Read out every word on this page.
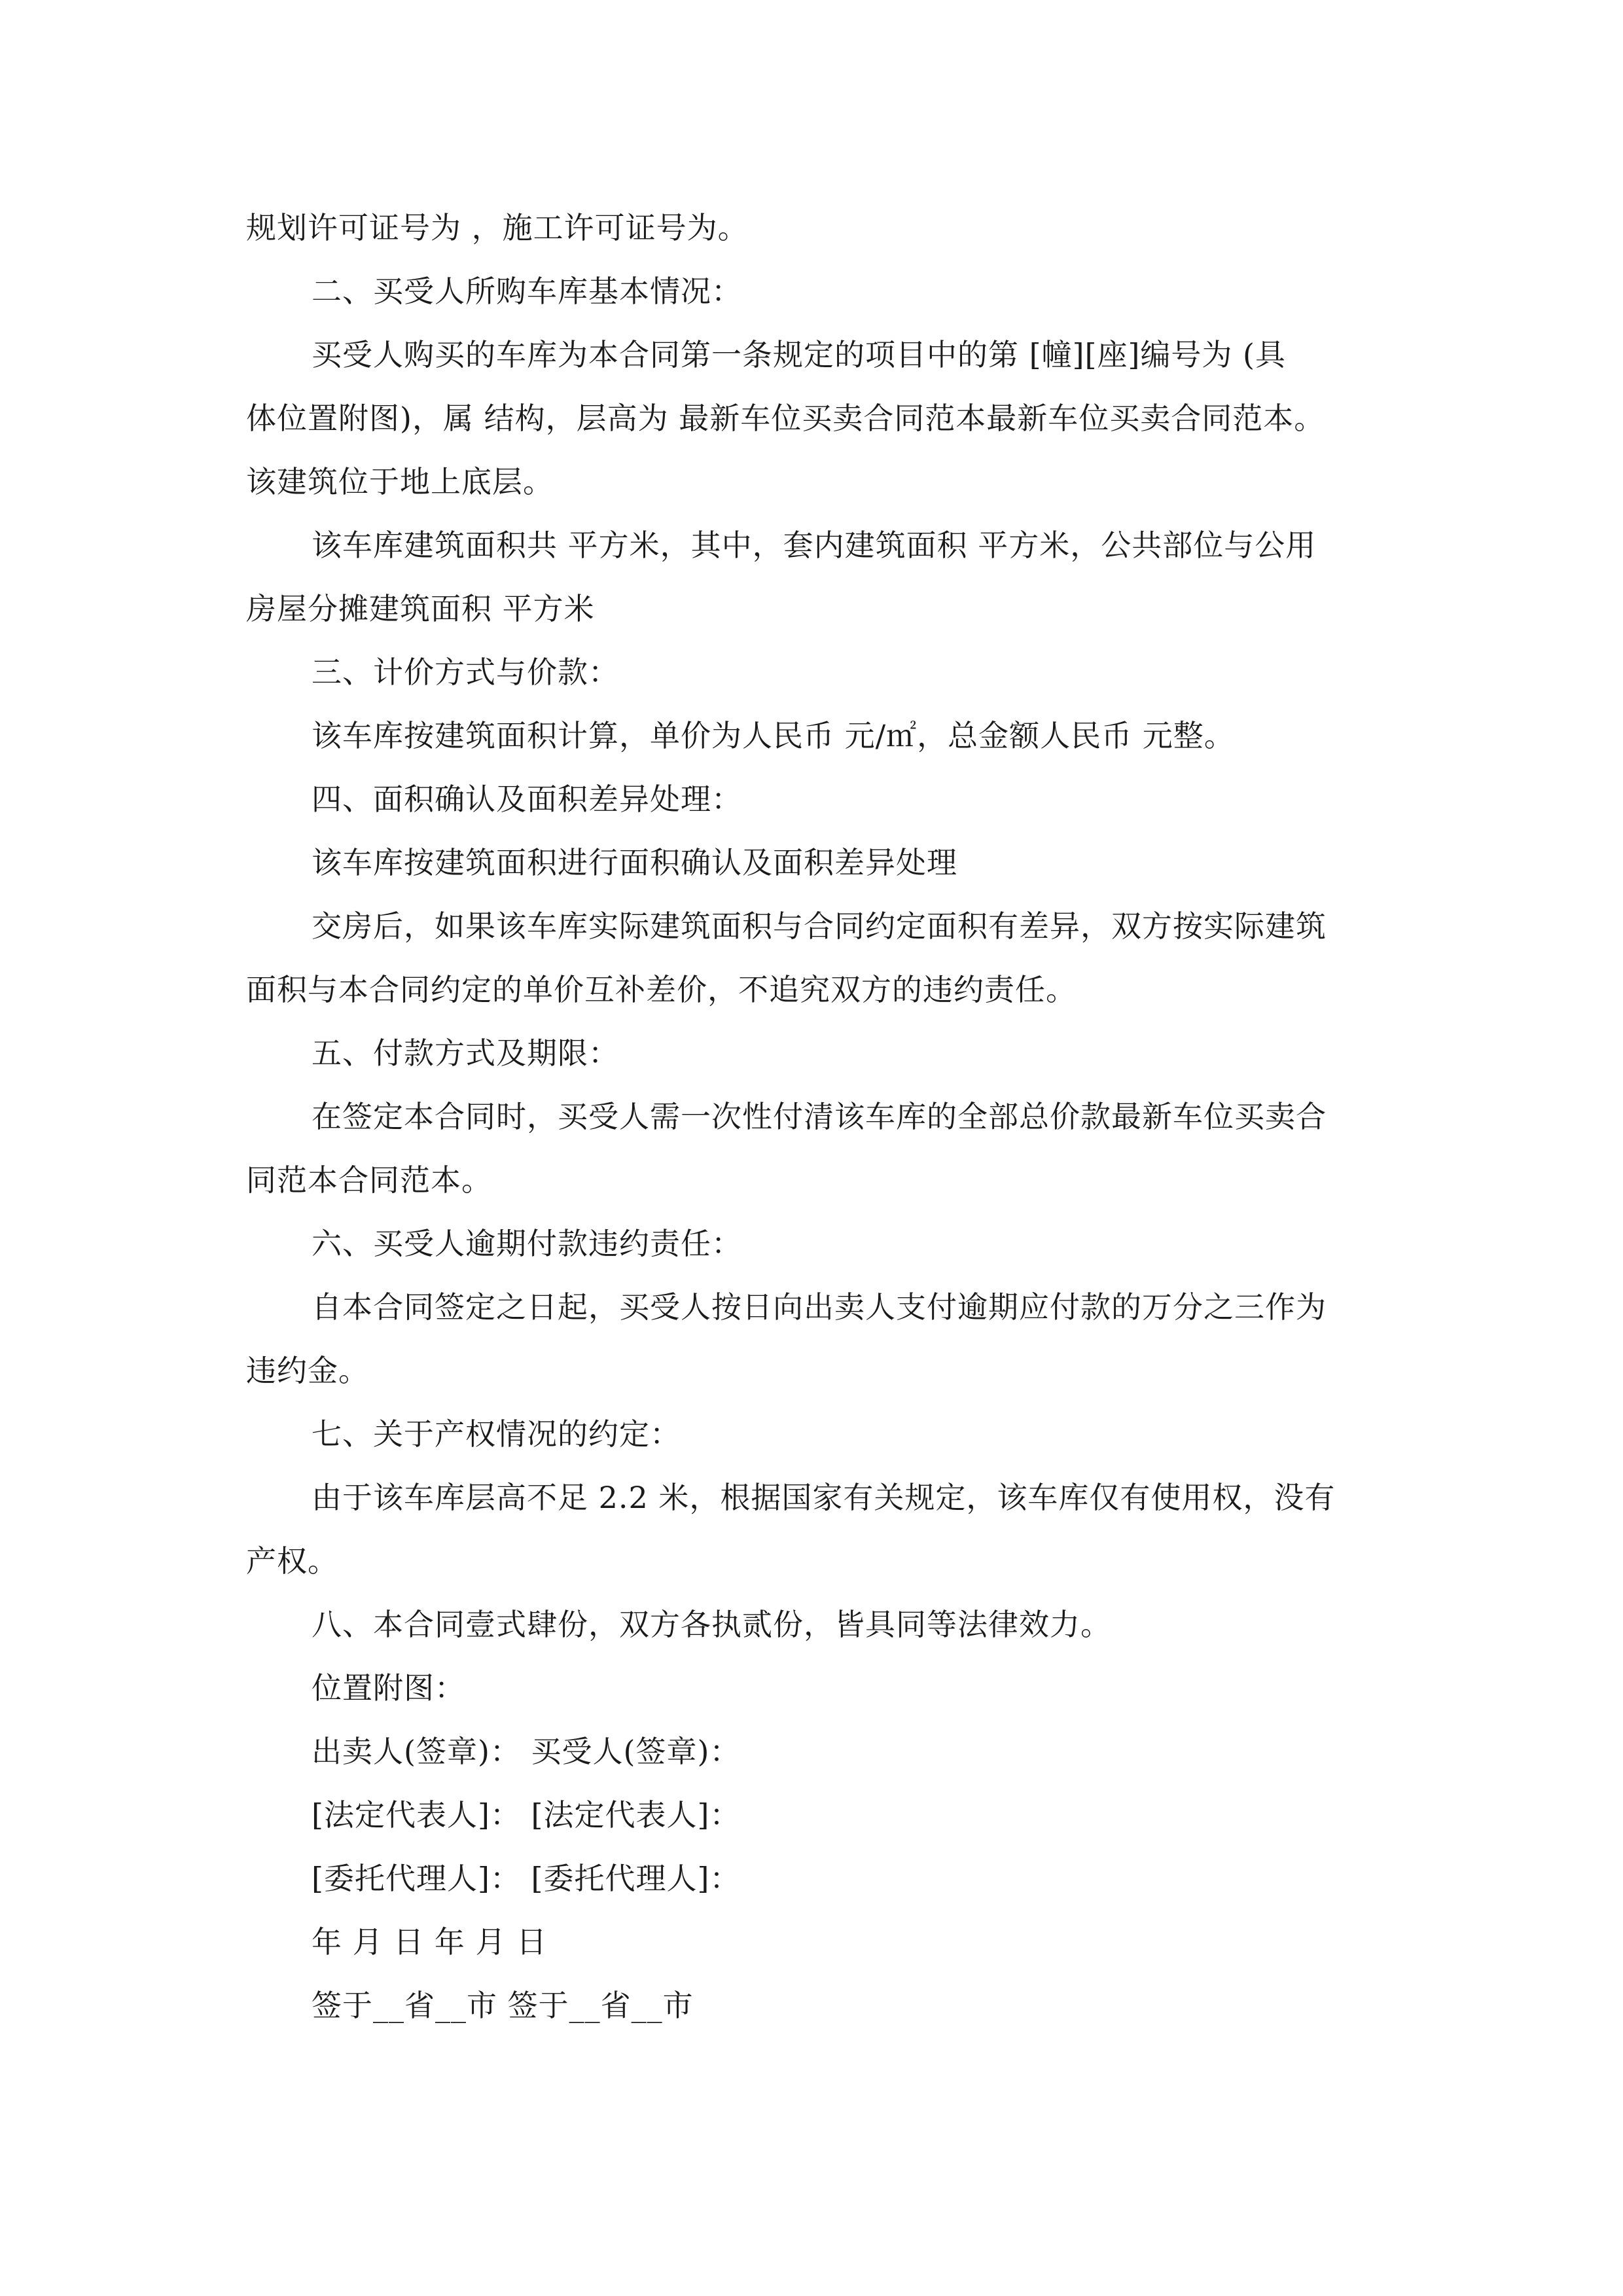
规划许可证号为 ，施工许可证号为。
二、买受人所购车库基本情况：
买受人购买的车库为本合同第一条规定的项目中的第 [幢][座]编号为 (具
体位置附图)，属 结构，层高为 最新车位买卖合同范本最新车位买卖合同范本。
该建筑位于地上底层。
该车库建筑面积共 平方米，其中，套内建筑面积 平方米，公共部位与公用
房屋分摊建筑面积 平方米
三、计价方式与价款：
该车库按建筑面积计算，单价为人民币 元/㎡，总金额人民币 元整。
四、面积确认及面积差异处理：
该车库按建筑面积进行面积确认及面积差异处理
交房后，如果该车库实际建筑面积与合同约定面积有差异，双方按实际建筑
面积与本合同约定的单价互补差价，不追究双方的违约责任。
五、付款方式及期限：
在签定本合同时，买受人需一次性付清该车库的全部总价款最新车位买卖合
同范本合同范本。
六、买受人逾期付款违约责任：
自本合同签定之日起，买受人按日向出卖人支付逾期应付款的万分之三作为
违约金。
七、关于产权情况的约定：
由于该车库层高不足 2.2 米，根据国家有关规定，该车库仅有使用权，没有
产权。
八、本合同壹式肆份，双方各执贰份，皆具同等法律效力。
位置附图：
出卖人(签章)： 买受人(签章)：
[法定代表人]： [法定代表人]：
[委托代理人]： [委托代理人]：
年 月 日 年 月 日
签于__省__市 签于__省__市
